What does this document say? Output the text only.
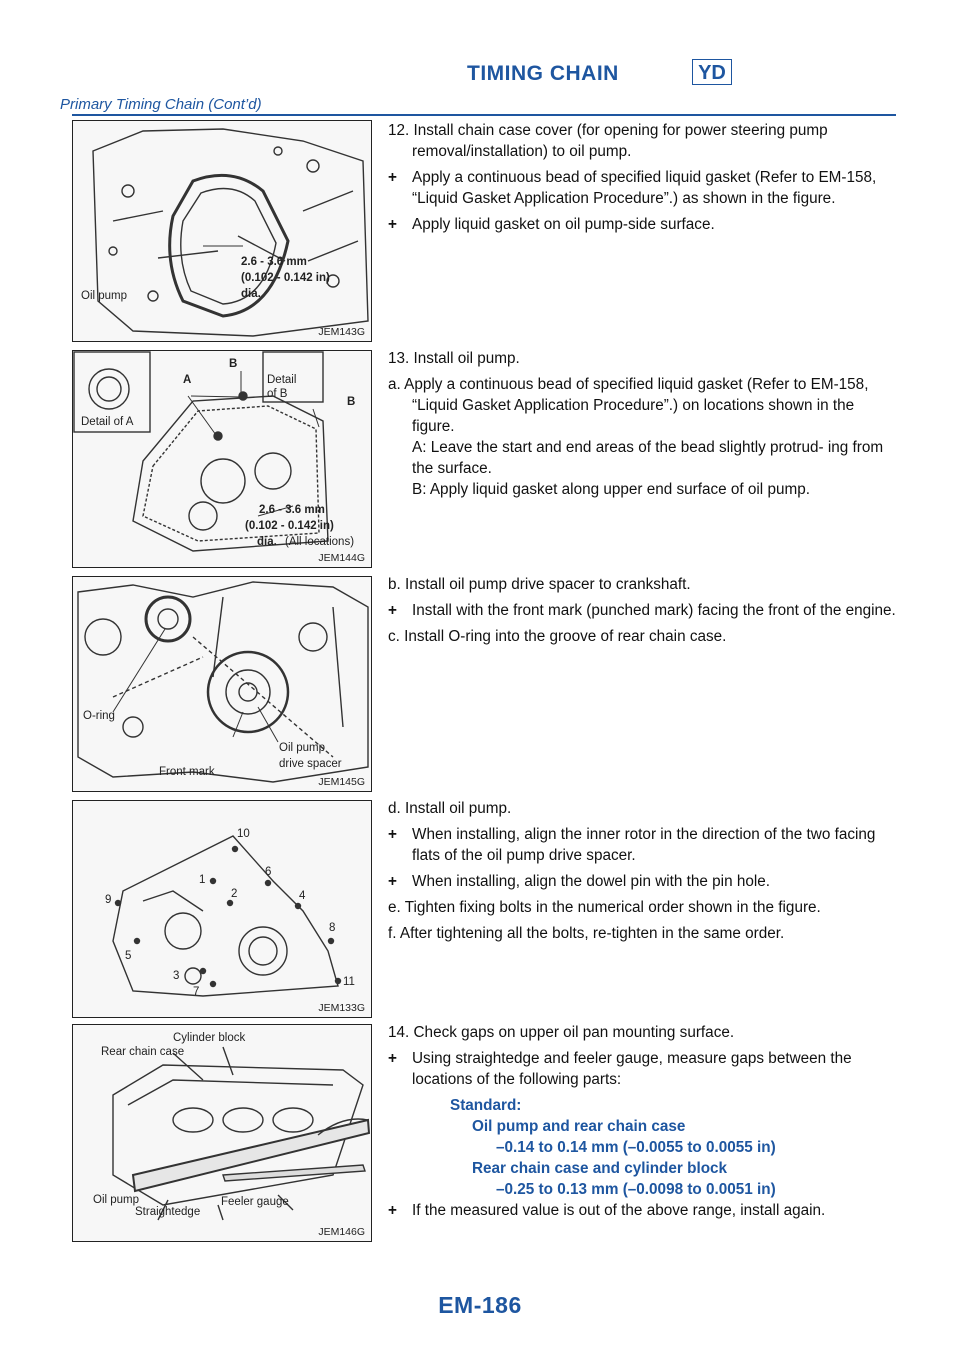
TIMING CHAIN	YD
Primary Timing Chain (Cont’d)
Oil pump
2.6 - 3.6 mm
(0.102 - 0.142 in)
dia.
JEM143G
Detail of A
A
B
Detail
of B
B
2.6 - 3.6 mm
(0.102 - 0.142 in)
dia. (All locations)
JEM144G
O-ring
Front mark
Oil pump
drive spacer
JEM145G
10
1
6
9	2	4
8
5
3
7
11
JEM133G
Cylinder block
Rear chain case
Oil pump
Straightedge
Feeler gauge
JEM146G

12. Install chain case cover (for opening for power steering pump removal/installation) to oil pump.

+ Apply a continuous bead of specified liquid gasket (Refer to EM-158, “Liquid Gasket Application Procedure”.) as shown in the figure.
+ Apply liquid gasket on oil pump-side surface.

13. Install oil pump.

a. Apply a continuous bead of specified liquid gasket (Refer to EM-158, “Liquid Gasket Application Procedure”.) on locations shown in the figure.

A: Leave the start and end areas of the bead slightly protrud- ing from the surface.

B: Apply liquid gasket along upper end surface of oil pump.

b. Install oil pump drive spacer to crankshaft.

+ Install with the front mark (punched mark) facing the front of the engine.

c. Install O-ring into the groove of rear chain case.

d. Install oil pump.

+ When installing, align the inner rotor in the direction of the two facing flats of the oil pump drive spacer.
+ When installing, align the dowel pin with the pin hole.

e. Tighten fixing bolts in the numerical order shown in the figure.

f. After tightening all the bolts, re-tighten in the same order.

14. Check gaps on upper oil pan mounting surface.

+ Using straightedge and feeler gauge, measure gaps between the locations of the following parts:
Standard:
Oil pump and rear chain case
–0.14 to 0.14 mm (–0.0055 to 0.0055 in)
Rear chain case and cylinder block
–0.25 to 0.13 mm (–0.0098 to 0.0051 in)
+ If the measured value is out of the above range, install again.
EM-186
